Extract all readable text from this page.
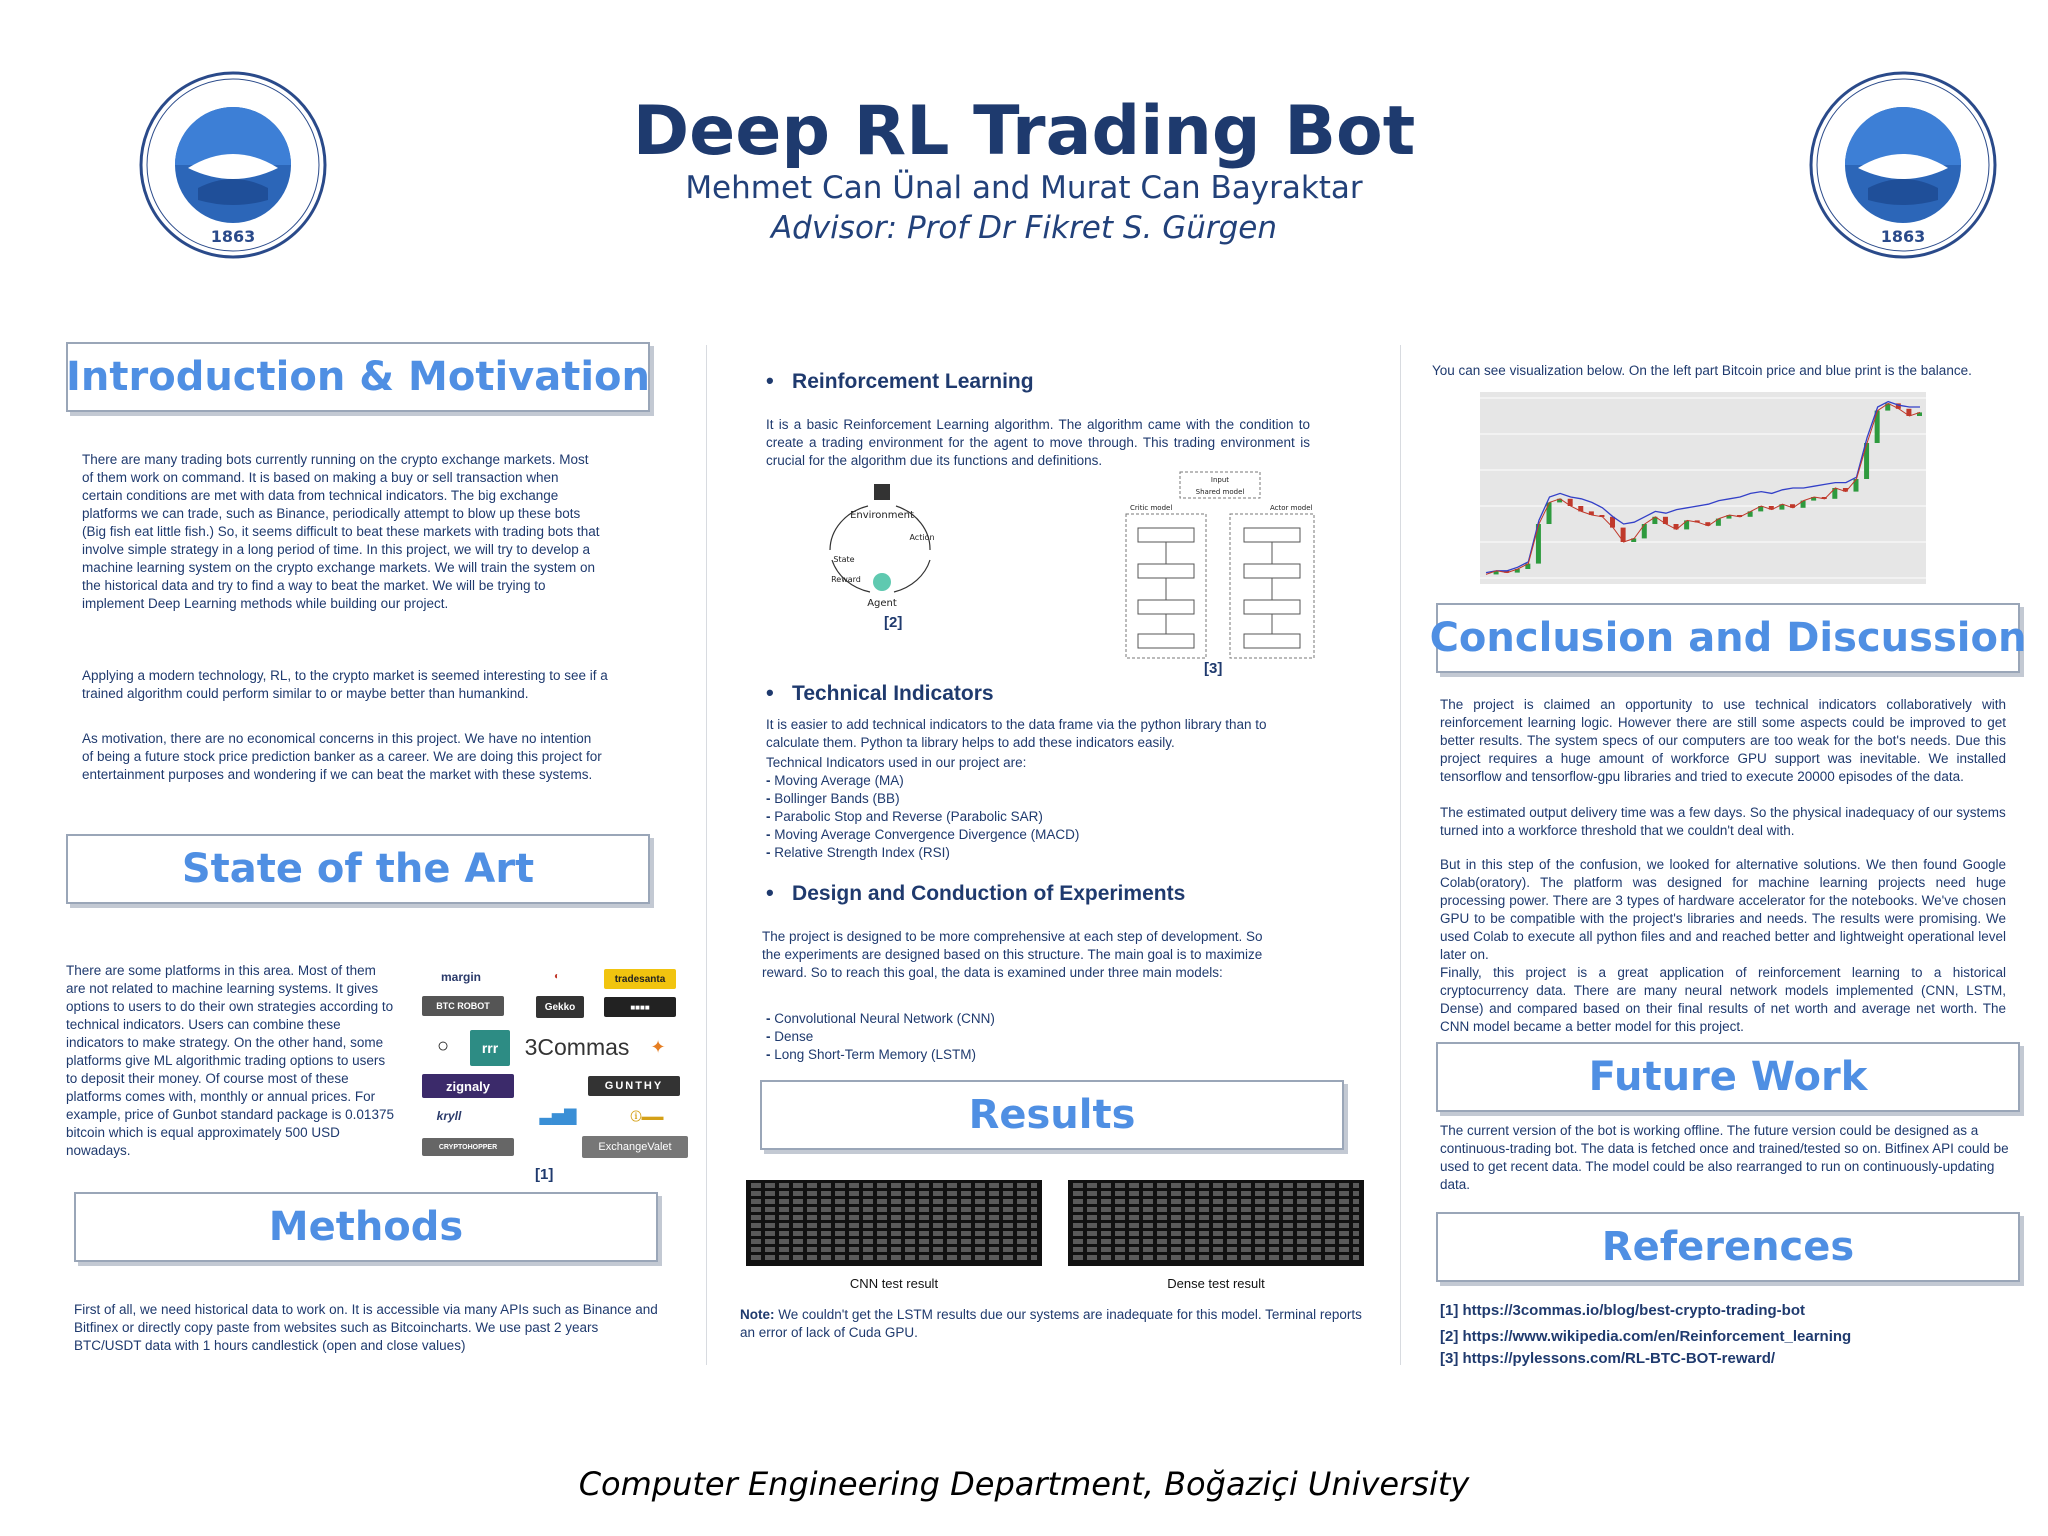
1863	1863
Deep RL Trading Bot
Mehmet Can Ünal and Murat Can Bayraktar
Advisor: Prof Dr Fikret S. Gürgen
Introduction & Motivation
There are many trading bots currently running on the crypto exchange markets. Most of them work on command. It is based on making a buy or sell transaction when certain conditions are met with data from technical indicators. The big exchange platforms we can trade, such as Binance, periodically attempt to blow up these bots (Big fish eat little fish.) So, it seems difficult to beat these markets with trading bots that involve simple strategy in a long period of time. In this project, we will try to develop a machine learning system on the crypto exchange markets. We will train the system on the historical data and try to find a way to beat the market. We will be trying to implement Deep Learning methods while building our project.
Applying a modern technology, RL, to the crypto market is seemed interesting to see if a trained algorithm could perform similar to or maybe better than humankind.
As motivation, there are no economical concerns in this project. We have no intention of being a future stock price prediction banker as a career. We are doing this project for entertainment purposes and wondering if we can beat the market with these systems.
State of the Art
There are some platforms in this area. Most of them are not related to machine learning systems. It gives options to users to do their own strategies according to technical indicators. Users can combine these indicators to make strategy. On the other hand, some platforms give ML algorithmic trading options to users to deposit their money. Of course most of these platforms comes with, monthly or annual prices. For example, price of Gunbot standard package is 0.01375 bitcoin which is equal approximately 500 USD nowadays.
margin
BTC ROBOT
◐
Gekko
tradesanta
■■■■
○	rrr	3Commas	✦
zignaly	GUNTHY
kryll	▃▅▇	ⓘ▬▬
CRYPTOHOPPER	ExchangeValet
[1]
Methods
First of all, we need historical data to work on. It is accessible via many APIs such as Binance and Bitfinex or directly copy paste from websites such as Bitcoincharts. We use past 2 years BTC/USDT data with 1 hours candlestick (open and close values)
•   Reinforcement Learning
It is a basic Reinforcement Learning algorithm. The algorithm came with the condition to create a trading environment for the agent to move through. This trading environment is crucial for the algorithm due its functions and definitions.
Environment
Agent
State
Action
Reward
[2]
Input
Shared model
Critic model	Actor model
[3]
•   Technical Indicators
It is easier to add technical indicators to the data frame via the python library than to calculate them. Python ta library helps to add these indicators easily.
Technical Indicators used in our project are:
- Moving Average (MA)
- Bollinger Bands (BB)
- Parabolic Stop and Reverse (Parabolic SAR)
- Moving Average Convergence Divergence (MACD)
- Relative Strength Index (RSI)
•   Design and Conduction of Experiments
The project is designed to be more comprehensive at each step of development. So the experiments are designed based on this structure. The main goal is to maximize reward. So to reach this goal, the data is examined under three main models:
- Convolutional Neural Network (CNN)
- Dense
- Long Short-Term Memory (LSTM)
Results
CNN test result	Dense test result
Note: We couldn't get the LSTM results due our systems are inadequate for this model. Terminal reports an error of lack of Cuda GPU.
You can see visualization below. On the left part Bitcoin price and blue print is the balance.
Conclusion and Discussion
The project is claimed an opportunity to use technical indicators collaboratively with reinforcement learning logic. However there are still some aspects could be improved to get better results. The system specs of our computers are too weak for the bot's needs. Due this project requires a huge amount of workforce GPU support was inevitable. We installed tensorflow and tensorflow-gpu libraries and tried to execute 20000 episodes of the data.
The estimated output delivery time was a few days. So the physical inadequacy of our systems turned into a workforce threshold that we couldn't deal with.
But in this step of the confusion, we looked for alternative solutions. We then found Google Colab(oratory). The platform was designed for machine learning projects need huge processing power. There are 3 types of hardware accelerator for the notebooks. We've chosen GPU to be compatible with the project's libraries and needs. The results were promising. We used Colab to execute all python files and and reached better and lightweight operational level later on.
Finally, this project is a great application of reinforcement learning to a historical cryptocurrency data. There are many neural network models implemented (CNN, LSTM, Dense) and compared based on their final results of net worth and average net worth. The CNN model became a better model for this project.
Future Work
The current version of the bot is working offline. The future version could be designed as a continuous-trading bot. The data is fetched once and trained/tested so on. Bitfinex API could be used to get recent data. The model could be also rearranged to run on continuously-updating data.
References
[1] https://3commas.io/blog/best-crypto-trading-bot
[2] https://www.wikipedia.com/en/Reinforcement_learning
[3] https://pylessons.com/RL-BTC-BOT-reward/
Computer Engineering Department, Boğaziçi University
